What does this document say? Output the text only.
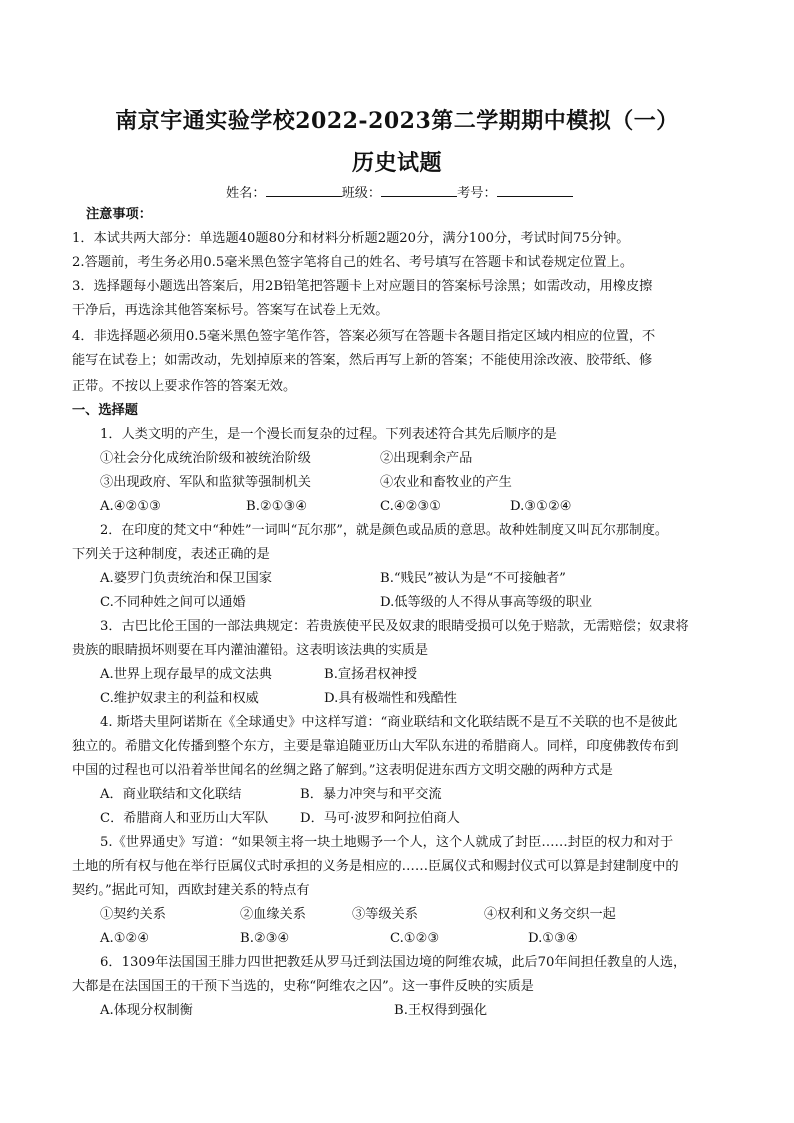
南京宇通实验学校2022-2023第二学期期中模拟（一）
历史试题
姓名：	班级：	考号：
注意事项：
1．本试共两大部分：单选题40题80分和材料分析题2题20分，满分100分，考试时间75分钟。
2.答题前，考生务必用0.5毫米黑色签字笔将自己的姓名、考号填写在答题卡和试卷规定位置上。
3．选择题每小题选出答案后，用2B铅笔把答题卡上对应题目的答案标号涂黑；如需改动，用橡皮擦
干净后，再选涂其他答案标号。答案写在试卷上无效。
4．非选择题必须用0.5毫米黑色签字笔作答，答案必须写在答题卡各题目指定区域内相应的位置，不
能写在试卷上；如需改动，先划掉原来的答案，然后再写上新的答案；不能使用涂改液、胶带纸、修
正带。不按以上要求作答的答案无效。
一、选择题
1．人类文明的产生，是一个漫长而复杂的过程。下列表述符合其先后顺序的是
①社会分化成统治阶级和被统治阶级	②出现剩余产品
③出现政府、军队和监狱等强制机关	④农业和畜牧业的产生
A.④②①③	B.②①③④	C.④②③①	D.③①②④
2．在印度的梵文中“种姓”一词叫“瓦尔那”，就是颜色或品质的意思。故种姓制度又叫瓦尔那制度。
下列关于这种制度，表述正确的是
A.婆罗门负责统治和保卫国家	B.“贱民”被认为是“不可接触者”
C.不同种姓之间可以通婚	D.低等级的人不得从事高等级的职业
3．古巴比伦王国的一部法典规定：若贵族使平民及奴隶的眼睛受损可以免于赔款，无需赔偿；奴隶将
贵族的眼睛损坏则要在耳内灌油灌铅。这表明该法典的实质是
A.世界上现存最早的成文法典	B.宣扬君权神授
C.维护奴隶主的利益和权威	D.具有极端性和残酷性
4. 斯塔夫里阿诺斯在《全球通史》中这样写道：“商业联结和文化联结既不是互不关联的也不是彼此
独立的。希腊文化传播到整个东方，主要是靠追随亚历山大军队东进的希腊商人。同样，印度佛教传布到
中国的过程也可以沿着举世闻名的丝绸之路了解到。”这表明促进东西方文明交融的两种方式是
A．商业联结和文化联结	B．暴力冲突与和平交流
C．希腊商人和亚历山大军队 D．马可·波罗和阿拉伯商人
5.《世界通史》写道：“如果领主将一块土地赐予一个人，这个人就成了封臣……封臣的权力和对于
土地的所有权与他在举行臣属仪式时承担的义务是相应的……臣属仪式和赐封仪式可以算是封建制度中的
契约。”据此可知，西欧封建关系的特点有
①契约关系	②血缘关系	③等级关系	④权利和义务交织一起
A.①②④	B.②③④	C.①②③	D.①③④
6．1309年法国国王腓力四世把教廷从罗马迁到法国边境的阿维农城，此后70年间担任教皇的人选，
大都是在法国国王的干预下当选的，史称“阿维农之囚”。这一事件反映的实质是
A.体现分权制衡	B.王权得到强化
